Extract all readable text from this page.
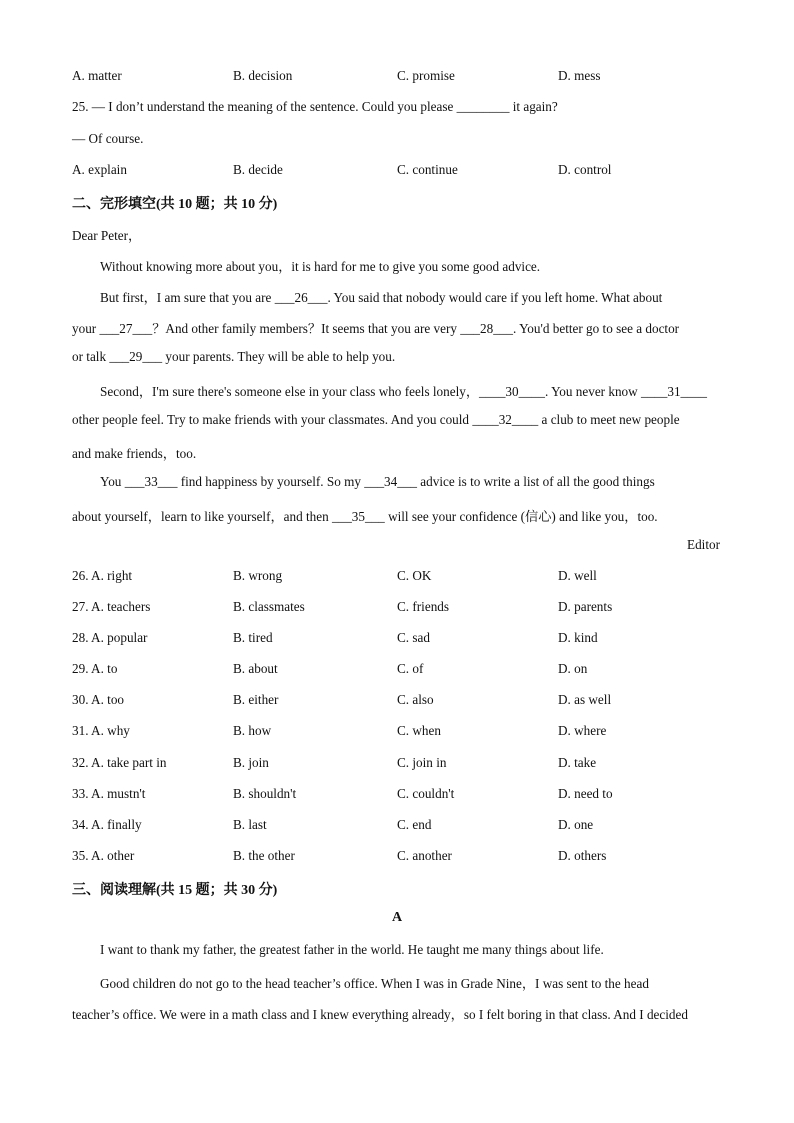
A. matter	B. decision	C. promise	D. mess
25. — I don’t understand the meaning of the sentence. Could you please ________ it again?
— Of course.
A. explain	B. decide	C. continue	D. control
二、完形填空(共 10 题；共 10 分)
Dear Peter，
Without knowing more about you，it is hard for me to give you some good advice.
But first，I am sure that you are ___26___. You said that nobody would care if you left home. What about
your ___27___？And other family members？It seems that you are very ___28___. You'd better go to see a doctor
or talk ___29___ your parents. They will be able to help you.
Second，I'm sure there's someone else in your class who feels lonely，____30____. You never know ____31____
other people feel. Try to make friends with your classmates. And you could ____32____ a club to meet new people
and make friends，too.
You ___33___ find happiness by yourself. So my ___34___ advice is to write a list of all the good things
about yourself，learn to like yourself，and then ___35___ will see your confidence (信心) and like you，too.
Editor
26. A. right	B. wrong	C. OK	D. well
27. A. teachers	B. classmates	C. friends	D. parents
28. A. popular	B. tired	C. sad	D. kind
29. A. to	B. about	C. of	D. on
30. A. too	B. either	C. also	D. as well
31. A. why	B. how	C. when	D. where
32. A. take part in	B. join	C. join in	D. take
33. A. mustn't	B. shouldn't	C. couldn't	D. need to
34. A. finally	B. last	C. end	D. one
35. A. other	B. the other	C. another	D. others
三、阅读理解(共 15 题；共 30 分)
A
I want to thank my father, the greatest father in the world. He taught me many things about life.
Good children do not go to the head teacher’s office. When I was in Grade Nine，I was sent to the head
teacher’s office. We were in a math class and I knew everything already，so I felt boring in that class. And I decided
